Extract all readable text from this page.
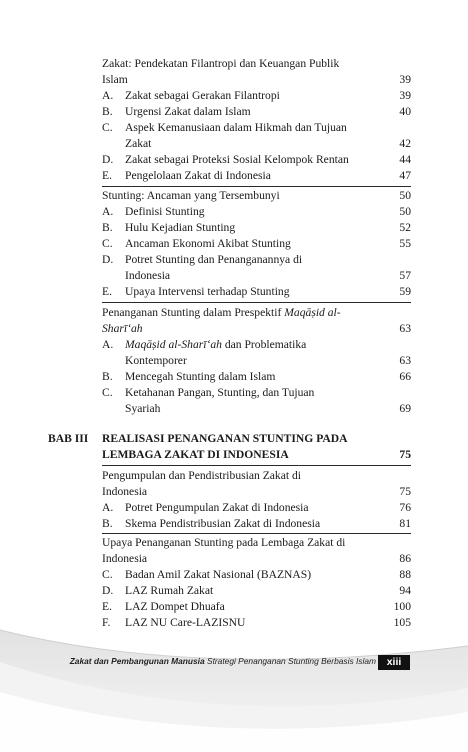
Zakat: Pendekatan Filantropi dan Keuangan Publik
Islam	39
A. Zakat sebagai Gerakan Filantropi	39
B. Urgensi Zakat dalam Islam	40
C. Aspek Kemanusiaan dalam Hikmah dan Tujuan
Zakat	42
D. Zakat sebagai Proteksi Sosial Kelompok Rentan	44
E. Pengelolaan Zakat di Indonesia	47
Stunting: Ancaman yang Tersembunyi	50
A. Definisi Stunting	50
B. Hulu Kejadian Stunting	52
C. Ancaman Ekonomi Akibat Stunting	55
D. Potret Stunting dan Penanganannya di
Indonesia	57
E. Upaya Intervensi terhadap Stunting	59
Penanganan Stunting dalam Prespektif Maqāṣid al-
Sharī‘ah	63
A. Maqāṣid al-Sharī‘ah dan Problematika
Kontemporer	63
B. Mencegah Stunting dalam Islam	66
C. Ketahanan Pangan, Stunting, dan Tujuan
Syariah	69
BAB III REALISASI PENANGANAN STUNTING PADA
LEMBAGA ZAKAT DI INDONESIA	75
Pengumpulan dan Pendistribusian Zakat di
Indonesia	75
A. Potret Pengumpulan Zakat di Indonesia	76
B. Skema Pendistribusian Zakat di Indonesia	81
Upaya Penanganan Stunting pada Lembaga Zakat di
Indonesia	86
C. Badan Amil Zakat Nasional (BAZNAS)	88
D. LAZ Rumah Zakat	94
E. LAZ Dompet Dhuafa	100
F. LAZ NU Care-LAZISNU	105
Zakat dan Pembangunan Manusia Strategi Penanganan Stunting Berbasis Islam	xiii
